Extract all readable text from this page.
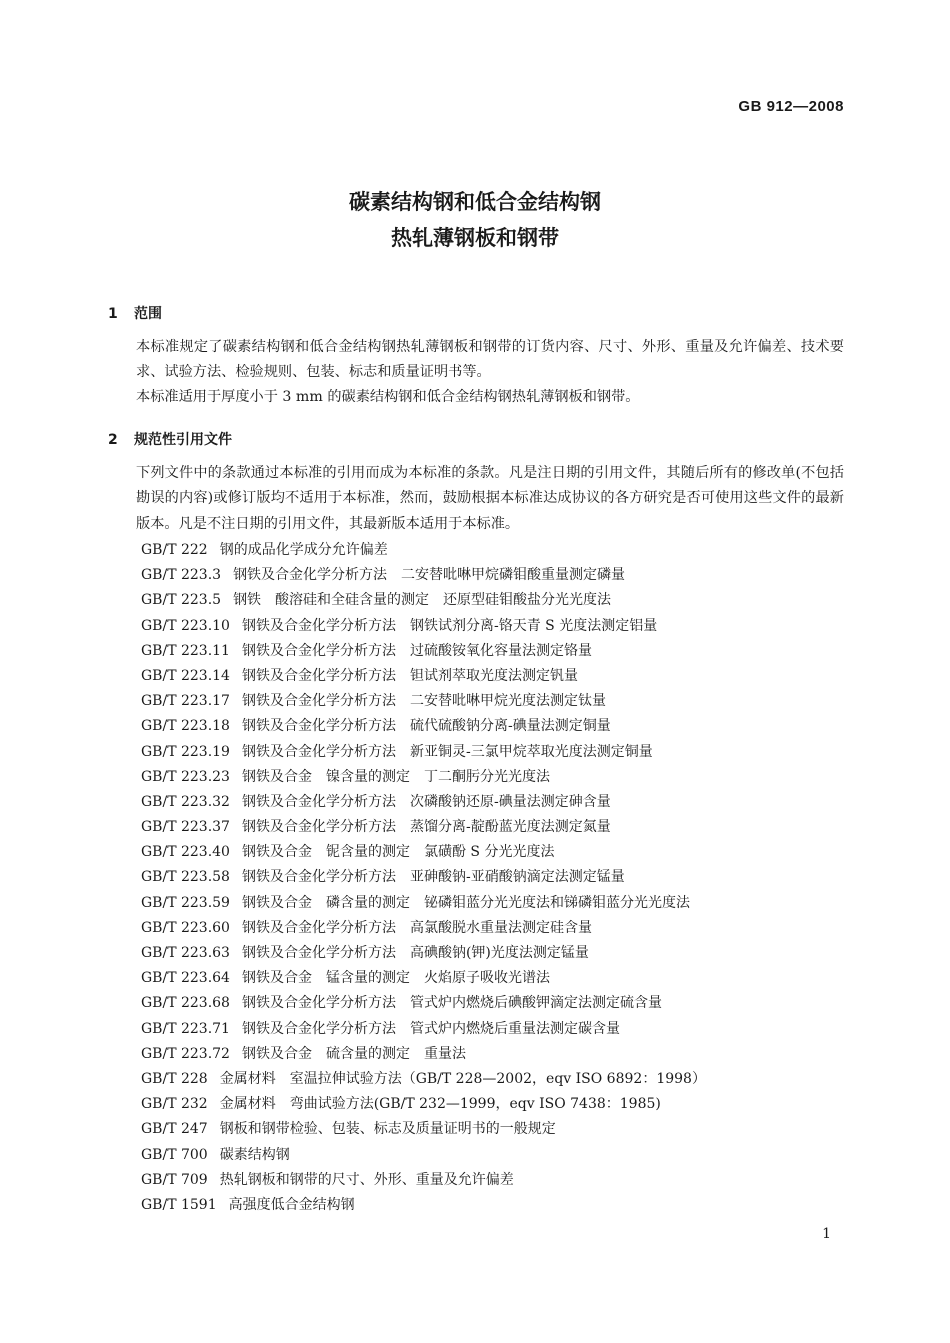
GB 912—2008
碳素结构钢和低合金结构钢
热轧薄钢板和钢带
1 范围
本标准规定了碳素结构钢和低合金结构钢热轧薄钢板和钢带的订货内容、尺寸、外形、重量及允许偏差、技术要求、试验方法、检验规则、包装、标志和质量证明书等。
本标准适用于厚度小于 3 mm 的碳素结构钢和低合金结构钢热轧薄钢板和钢带。
2 规范性引用文件
下列文件中的条款通过本标准的引用而成为本标准的条款。凡是注日期的引用文件，其随后所有的修改单(不包括勘误的内容)或修订版均不适用于本标准，然而，鼓励根据本标准达成协议的各方研究是否可使用这些文件的最新版本。凡是不注日期的引用文件，其最新版本适用于本标准。
GB/T 222 钢的成品化学成分允许偏差
GB/T 223.3 钢铁及合金化学分析方法　二安替吡啉甲烷磷钼酸重量测定磷量
GB/T 223.5 钢铁　酸溶硅和全硅含量的测定　还原型硅钼酸盐分光光度法
GB/T 223.10 钢铁及合金化学分析方法　钢铁试剂分离-铬天青 S 光度法测定铝量
GB/T 223.11 钢铁及合金化学分析方法　过硫酸铵氧化容量法测定铬量
GB/T 223.14 钢铁及合金化学分析方法　钽试剂萃取光度法测定钒量
GB/T 223.17 钢铁及合金化学分析方法　二安替吡啉甲烷光度法测定钛量
GB/T 223.18 钢铁及合金化学分析方法　硫代硫酸钠分离-碘量法测定铜量
GB/T 223.19 钢铁及合金化学分析方法　新亚铜灵-三氯甲烷萃取光度法测定铜量
GB/T 223.23 钢铁及合金　镍含量的测定　丁二酮肟分光光度法
GB/T 223.32 钢铁及合金化学分析方法　次磷酸钠还原-碘量法测定砷含量
GB/T 223.37 钢铁及合金化学分析方法　蒸馏分离-靛酚蓝光度法测定氮量
GB/T 223.40 钢铁及合金　铌含量的测定　氯磺酚 S 分光光度法
GB/T 223.58 钢铁及合金化学分析方法　亚砷酸钠-亚硝酸钠滴定法测定锰量
GB/T 223.59 钢铁及合金　磷含量的测定　铋磷钼蓝分光光度法和锑磷钼蓝分光光度法
GB/T 223.60 钢铁及合金化学分析方法　高氯酸脱水重量法测定硅含量
GB/T 223.63 钢铁及合金化学分析方法　高碘酸钠(钾)光度法测定锰量
GB/T 223.64 钢铁及合金　锰含量的测定　火焰原子吸收光谱法
GB/T 223.68 钢铁及合金化学分析方法　管式炉内燃烧后碘酸钾滴定法测定硫含量
GB/T 223.71 钢铁及合金化学分析方法　管式炉内燃烧后重量法测定碳含量
GB/T 223.72 钢铁及合金　硫含量的测定　重量法
GB/T 228 金属材料　室温拉伸试验方法（GB/T 228—2002，eqv ISO 6892：1998）
GB/T 232 金属材料　弯曲试验方法(GB/T 232—1999，eqv ISO 7438：1985)
GB/T 247 钢板和钢带检验、包装、标志及质量证明书的一般规定
GB/T 700 碳素结构钢
GB/T 709 热轧钢板和钢带的尺寸、外形、重量及允许偏差
GB/T 1591 高强度低合金结构钢
1
